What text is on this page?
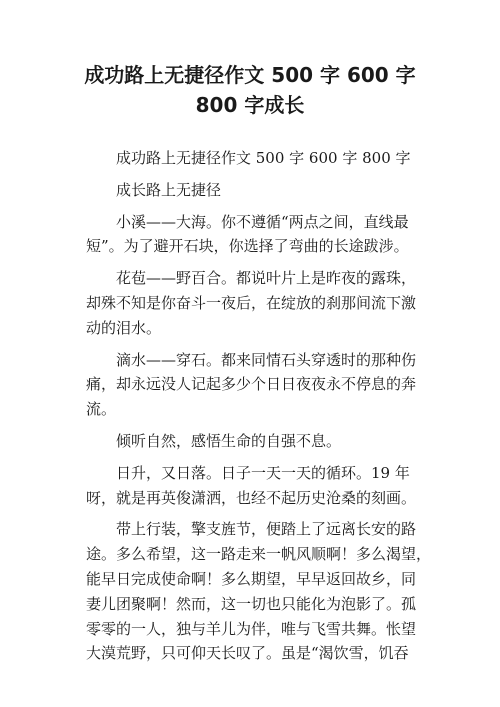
成功路上无捷径作文 500 字 600 字
800 字成长
成功路上无捷径作文 500 字 600 字 800 字
成长路上无捷径
小溪——大海。你不遵循“两点之间，直线最
短”。为了避开石块，你选择了弯曲的长途跋涉。
花苞——野百合。都说叶片上是昨夜的露珠，
却殊不知是你奋斗一夜后，在绽放的刹那间流下激
动的泪水。
滴水——穿石。都来同情石头穿透时的那种伤
痛，却永远没人记起多少个日日夜夜永不停息的奔
流。
倾听自然，感悟生命的自强不息。
日升，又日落。日子一天一天的循环。19 年
呀，就是再英俊潇洒，也经不起历史沧桑的刻画。
带上行装，擎支旌节，便踏上了远离长安的路
途。多么希望，这一路走来一帆风顺啊！多么渴望，
能早日完成使命啊！多么期望，早早返回故乡，同
妻儿团聚啊！然而，这一切也只能化为泡影了。孤
零零的一人，独与羊儿为伴，唯与飞雪共舞。怅望
大漠荒野，只可仰天长叹了。虽是“渴饮雪，饥吞
